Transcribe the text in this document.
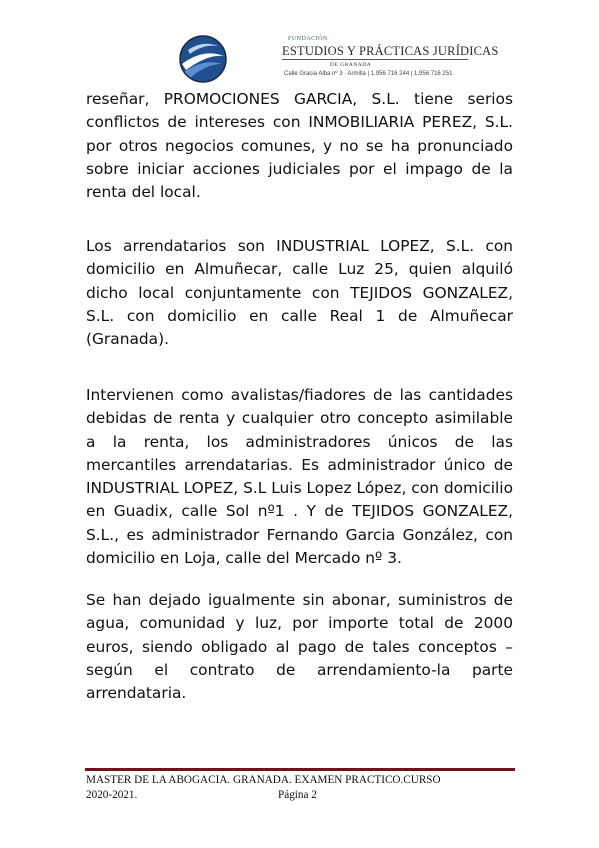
FUNDACIÓN
ESTUDIOS Y PRÁCTICAS JURÍDICAS
DE GRANADA
Calle Gracia Alba nº 3 · Armilla | 1.956 716 244 | 1.956 716 251

reseñar, PROMOCIONES GARCIA, S.L. tiene serios conflictos de intereses con INMOBILIARIA PEREZ, S.L. por otros negocios comunes, y no se ha pronunciado sobre iniciar acciones judiciales por el impago de la renta del local.

Los arrendatarios son INDUSTRIAL LOPEZ, S.L. con domicilio en Almuñecar, calle Luz 25, quien alquiló dicho local conjuntamente con TEJIDOS GONZALEZ, S.L. con domicilio en calle Real 1 de Almuñecar (Granada).

Intervienen como avalistas/fiadores de las cantidades debidas de renta y cualquier otro concepto asimilable a la renta, los administradores únicos de las mercantiles arrendatarias. Es administrador único de INDUSTRIAL LOPEZ, S.L Luis Lopez López, con domicilio en Guadix, calle Sol nº1 . Y de TEJIDOS GONZALEZ, S.L., es administrador Fernando Garcia González, con domicilio en Loja, calle del Mercado nº 3.

Se han dejado igualmente sin abonar, suministros de agua, comunidad y luz, por importe total de 2000 euros, siendo obligado al pago de tales conceptos – según el contrato de arrendamiento-la parte arrendataria.

MASTER DE LA ABOGACIA. GRANADA. EXAMEN PRACTICO.CURSO
2020-2021.	Página 2
